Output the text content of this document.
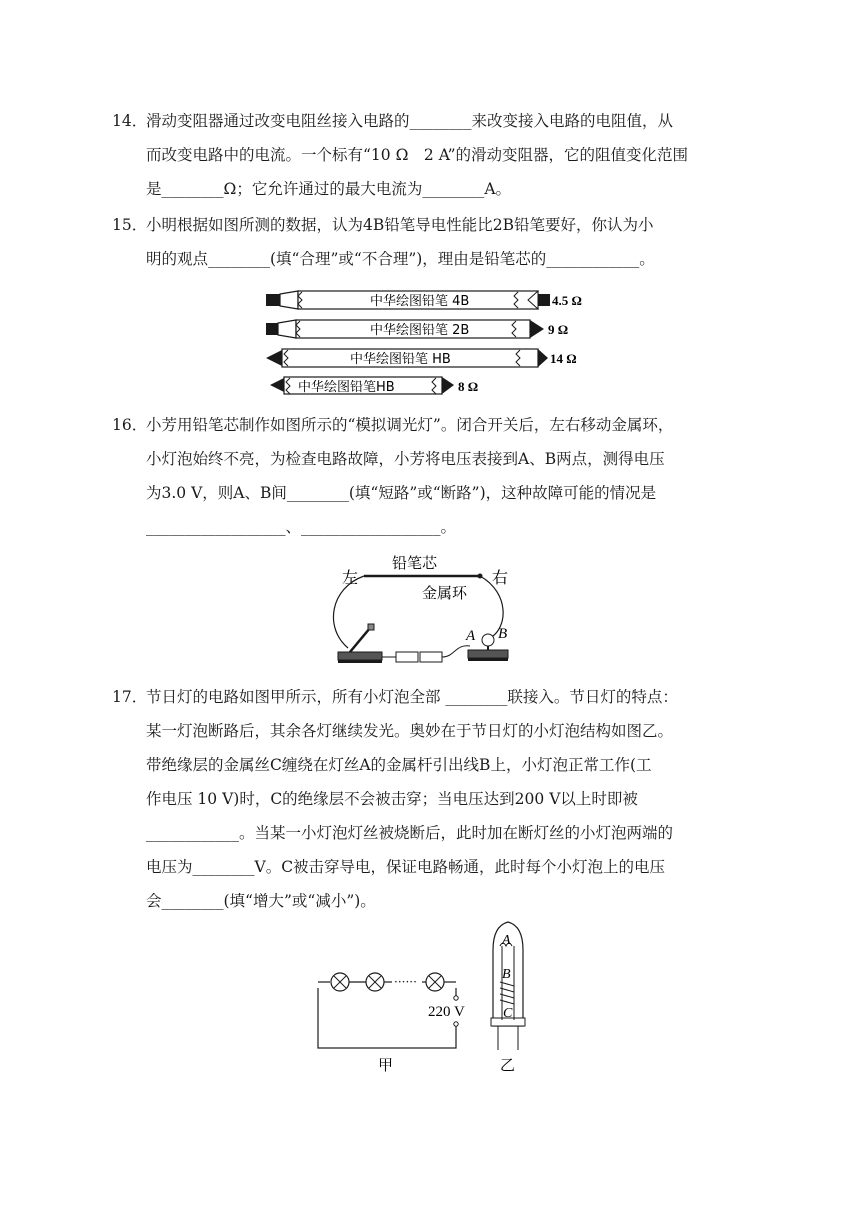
14．滑动变阻器通过改变电阻丝接入电路的________来改变接入电路的电阻值，从
而改变电路中的电流。一个标有“10 Ω　2 A”的滑动变阻器，它的阻值变化范围
是________Ω；它允许通过的最大电流为________A。
15．小明根据如图所测的数据，认为4B铅笔导电性能比2B铅笔要好，你认为小
明的观点________(填“合理”或“不合理”)，理由是铅笔芯的____________。
中华绘图铅笔 4B	4.5 Ω
中华绘图铅笔 2B	9 Ω
中华绘图铅笔 HB	14 Ω
中华绘图铅笔HB	8 Ω
16．小芳用铅笔芯制作如图所示的“模拟调光灯”。闭合开关后，左右移动金属环，
小灯泡始终不亮，为检查电路故障，小芳将电压表接到A、B两点，测得电压
为3.0 V，则A、B间________(填“短路”或“断路”)，这种故障可能的情况是
__________________、__________________。
铅笔芯
左	右
金属环
A B
17．节日灯的电路如图甲所示，所有小灯泡全部 ________联接入。节日灯的特点：
某一灯泡断路后，其余各灯继续发光。奥妙在于节日灯的小灯泡结构如图乙。
带绝缘层的金属丝C缠绕在灯丝A的金属杆引出线B上，小灯泡正常工作(工
作电压 10 V)时，C的绝缘层不会被击穿；当电压达到200 V以上时即被
____________。当某一小灯泡灯丝被烧断后，此时加在断灯丝的小灯泡两端的
电压为________V。C被击穿导电，保证电路畅通，此时每个小灯泡上的电压
会________(填“增大”或“减小”)。
······
220 V
甲
A
B
C
乙
